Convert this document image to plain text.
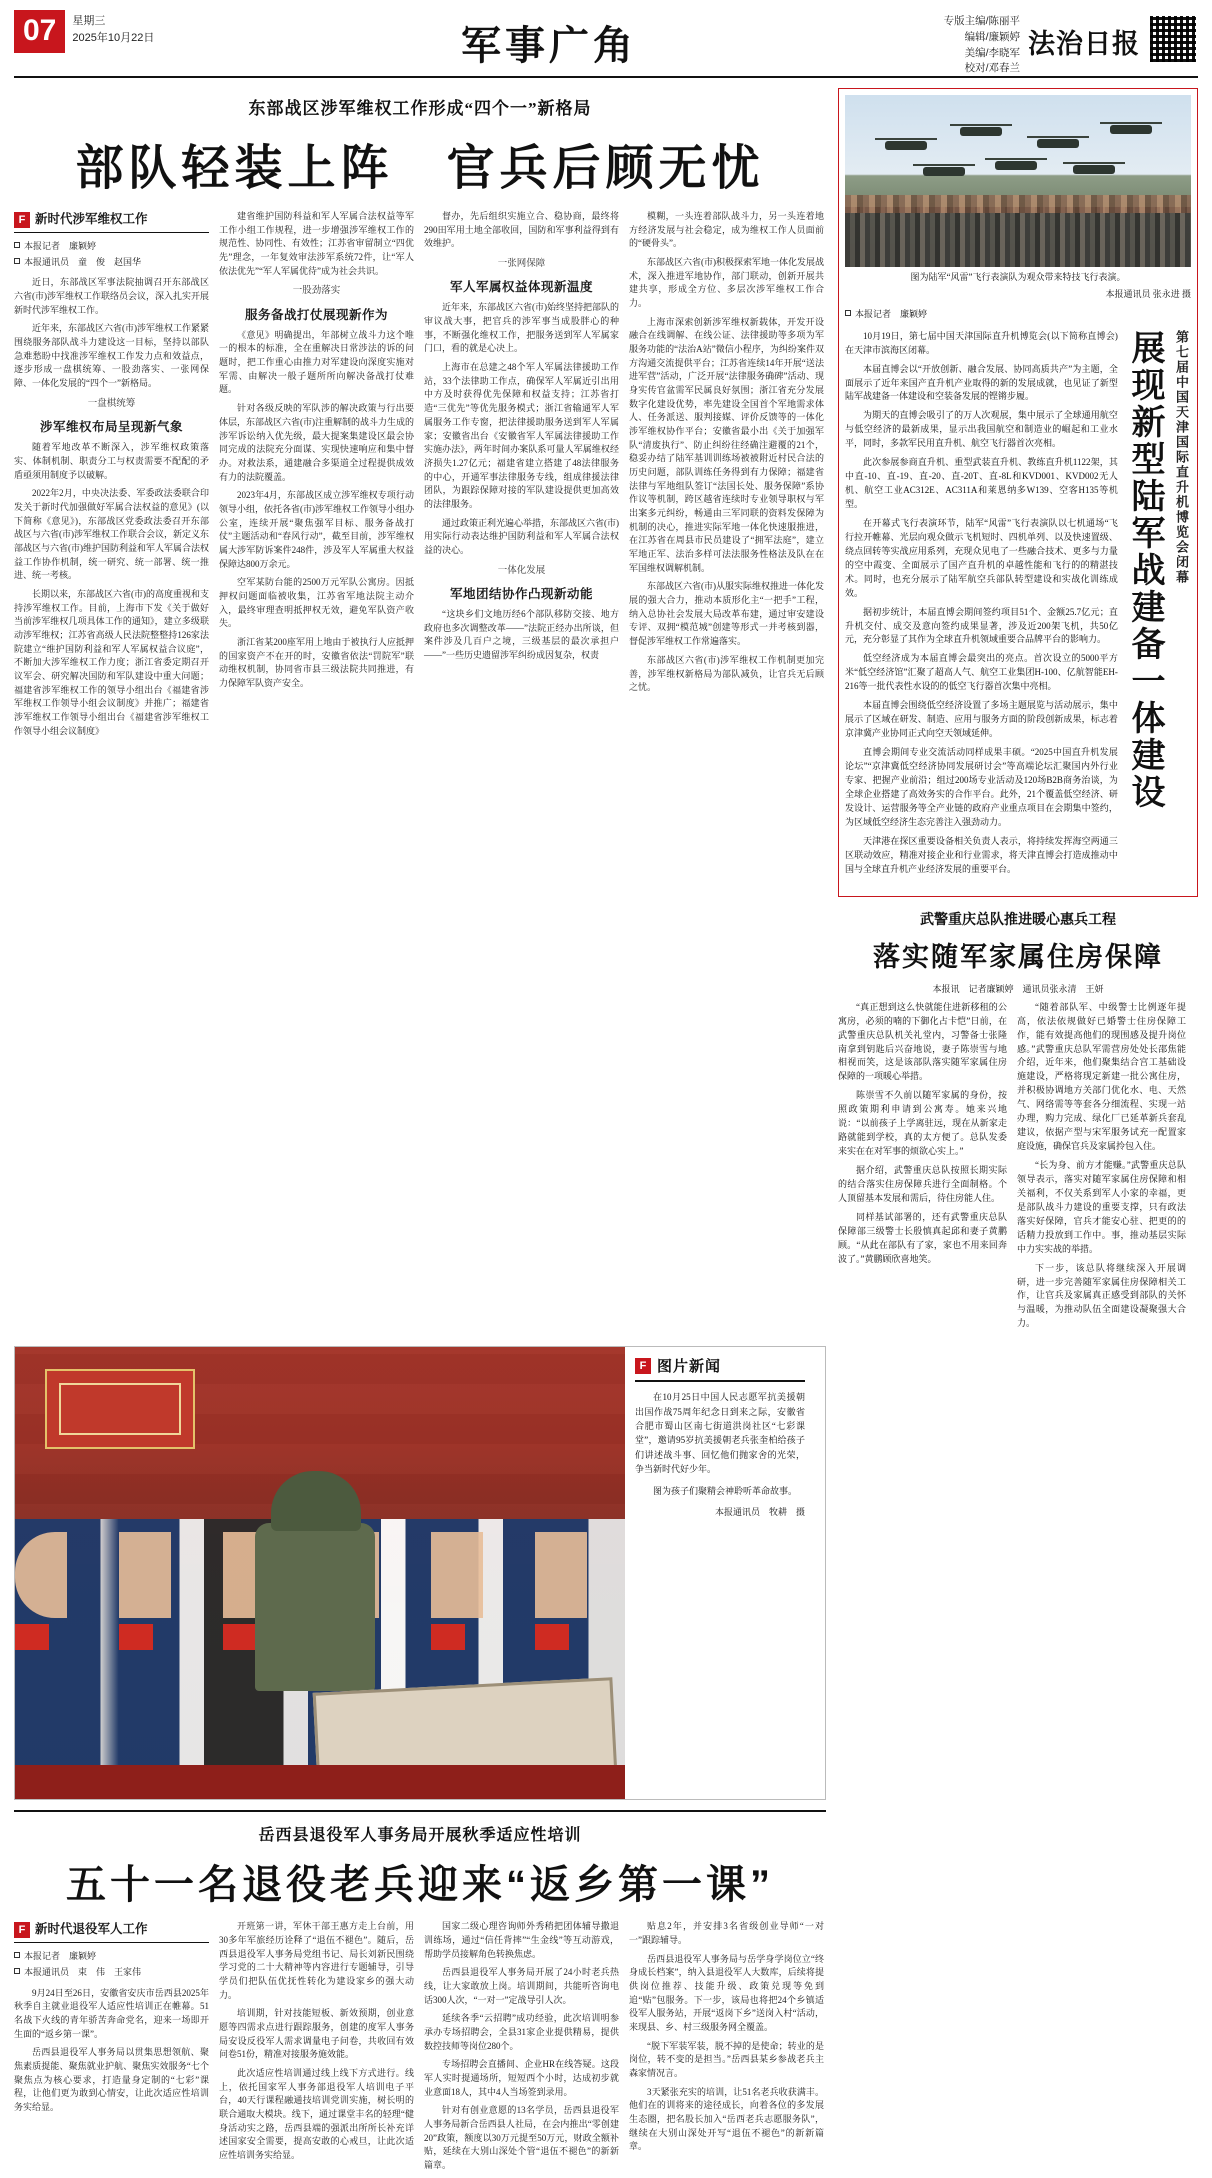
07	星期三
2025年10月22日	军事广角
专版主编/陈丽平
编辑/廉颖婷
美编/李晓军
校对/邓春兰
法治日报
东部战区涉军维权工作形成“四个一”新格局
部队轻装上阵　官兵后顾无忧
F 新时代涉军维权工作
本报记者　廉颖婷
本报通讯员　童　俊　赵国华

近日，东部战区军事法院抽调召开东部战区六省(市)涉军维权工作联络员会议，深入扎实开展新时代涉军维权工作。

近年来，东部战区六省(市)涉军维权工作紧紧围绕服务部队战斗力建设这一目标，坚持以部队急难愁盼中找准涉军维权工作发力点和效益点，逐步形成一盘棋统筹、一股劲落实、一张网保障、一体化发展的“四个一”新格局。

一盘棋统筹
涉军维权布局呈现新气象

随着军地改革不断深入，涉军维权政策落实、体制机制、职责分工与权责需要不配配的矛盾亟须用制度予以破解。

2022年2月，中央决法委、军委政法委联合印发关于新时代加强做好军属合法权益的意见》(以下简称《意见》)，东部战区党委政法委召开东部战区与六省(市)涉军维权工作联合会议，新定义东部战区与六省(市)维护国防利益和军人军属合法权益工作协作机制，统一研究、统一部署、统一推进、统一考核。

长期以来，东部战区六省(市)的高度重视和支持涉军维权工作。目前，上海市下发《关于做好当前涉军维权几项具体工作的通知》，建立多级联动涉军维权；江苏省高级人民法院整整持126家法院建立“维护国防利益和军人军属权益合议庭”，不断加大涉军维权工作力度；浙江省委定期召开议军会、研究解决国防和军队建设中重大问题；福建省涉军维权工作的领导小组出台《福建省涉军维权工作领导小组会议制度》并推广；福建省涉军维权工作领导小组出台《福建省涉军维权工作领导小组会议制度》

建省维护国防科益和军人军属合法权益等军工作小组工作规程，进一步增强涉军维权工作的规范性、协同性、有效性；江苏省审留制立“四优先”理念，一年复效审法涉军系统72件，让“军人依法优先”“军人军属优待”成为社会共识。

一股劲落实
服务备战打仗展现新作为

《意见》明确提出，年部树立战斗力这个唯一的根本的标准，全在重解决日常涉法的诉的问题时，把工作重心由推力对军建设向深度实施对军需、由解决一般子题所所向解决备战打仗难题。

针对各级反映的军队涉的解决政策与行出要体层，东部战区六省(市)注重解制的战斗力生成的涉军诉讼纳入优先级，最大提案集建设区最会协同完成的法院充分面谋、实现快速响应和集中督办。对救法系，通建融合多渠道全过程提供成效有力的法院覆盖。

2023年4月，东部战区成立涉军维权专项行动领导小组，依托各省(市)涉军维权工作领导小组办公室，连续开展“聚焦强军目标、服务备战打仗”主题活动和“春风行动”，截至目前，涉军维权属大涉军防诉案件248件，涉及军人军属重大权益保障达800万余元。

空军某防台能的2500万元军队公寓房。因抵押权问题面临被收集，江苏省军地法院主动介入，最终审理查明抵押权无效，避免军队资产收失。

浙江省某200座军用上地由于被执行人应抵押的国家资产不在开的时，安徽省依法“罚院军”联动维权机制，协同省市县三级法院共同推进，有力保障军队资产安全。

督办，先后组织实施立合、稳协商，最终将290田军用土地全部收回，国防和军事利益得到有效维护。

一张网保障
军人军属权益体现新温度

近年来，东部战区六省(市)始终坚持把部队的审议战大事，把官兵的涉军事当成股胖心的种事，不断强化维权工作，把服务送到军人军属家门口，看的就是心决上。

上海市在总建之48个军人军属法律援助工作站，33个法律助工作点，确保军人军属近引出用中方及时获得优先保障和权益支持；江苏省打造“三优先”等优先服务模式；浙江省输通军人军属服务工作专窗，把法律援助服务送到军人军属家；安徽省出台《安徽省军人军属法律援助工作实施办法》，两年时间办案队系可量人军属维权经济损失1.27亿元；福建省建立搭建了48法律服务的中心，开通军事法律服务专线，组成律援法律团队，为跟踪保障对接的军队建设提供更加高效的法律服务。

通过政策正利光遍心举措，东部战区六省(市)用实际行动表达维护国防利益和军人军属合法权益的决心。

一体化发展
军地团结协作凸现新动能

“这块乡们文地历经6个部队移防交接、地方政府也多次调整改革——”法院正经办出所谈，但案件涉及几百户之境，三级基层的最次承担户——”一些历史遗留涉军纠纷成因复杂，权责

模糊，一头连着部队战斗力，另一头连着地方经济发展与社会稳定，成为维权工作人员面前的“硬骨头”。

东部战区六省(市)积极探索军地一体化发展战术，深入推进军地协作，部门联动，创新开展共建共享，形成全方位、多层次涉军维权工作合力。

上海市深索创新涉军维权新载体，开发开设融合在线调解、在线公证、法律援助等多项为军服务功能的“法治A站”微信小程序，为纠纷案件双方沟通交流提供平台；江苏省连续14年开展“送法进军营”活动，广泛开展“法律服务确碑”活动、现身实传官盆需军民属良好氛围；浙江省充分发展数字化建设优势，率先建设全国首个军地需求体人、任务派送、服判接媒、评价反馈等的一体化涉军维权协作平台；安徽省最小出《关于加强军队“清废执行”、防止纠纷往经确注避覆的21个，稳妥办结了陆军基训训练场被被附近村民合法的历史问题，部队训练任务得到有力保障；福建省法律与军地组队签订“法国长处、服务保障”系协作议等机制，跨区越省连续时专业领导职权与军出案多元纠纷，畅通由三军同联的资料发保障为机制的决心，推进实际军地一体化快速服推进，在江苏省在周县市民员建设了“拥军法庭”，建立军地正军、法治多样可法法服务性格法及队在在军国维权调解机制。

东部战区六省(市)从服实际维权推进一体化发展的强大合力，推动本质形化主“一把手”工程，纳入总协社会发展大局改革布建，通过审安建设专评、双拥“模范城”创建等形式一并考核到器，督促涉军维权工作常遍落实。

东部战区六省(市)涉军维权工作机制更加完善，涉军维权新格局为部队减负，让官兵无后顾之忧。

图为陆军“风雷”飞行表演队为观众带来特技飞行表演。
本报通讯员 张永进 摄
本报记者　廉颖婷
第七届中国天津国际直升机博览会闭幕
展现新型陆军战建备一体建设

10月19日，第七届中国天津国际直升机博览会(以下简称直博会)在天津市滨海区闭幕。

本届直博会以“开放创新、融合发展、协同高质共产”为主题，全面展示了近年来国产直升机产业取得的新的发展成就，也见证了新型陆军战建备一体建设和空装备发展的铿锵步履。

为期天的直博会吸引了的万人次观展，集中展示了全球通用航空与低空经济的最新成果，显示出我国航空和制造业的崛起和工业水平，同时，多款军民用直升机、航空飞行器首次亮相。

此次参展参商直升机、重型武装直升机、教练直升机1122架，其中直-10、直-19、直-20、直-20Т、直-8L和KVD001、KVD002无人机、航空工业AC312E、AC311A和莱恩纳多W139、空客H135等机型。

在开幕式飞行表演环节，陆军“风雷”飞行表演队以七机通场“飞行拉开帷幕、光层向观众做示飞机短时、四机单列、以及快速置级、绕点回转等实战应用系列，充现众见电了一些融合技术、更多与力量的空中霞变、全面展示了国产直升机的卓越性能和飞行的的精湛技术。同时，也充分展示了陆军航空兵部队转型建设和实战化训练成效。

据初步统计，本届直博会期间签约项目51个、金额25.7亿元；直升机交付、成交及意向签约成果显著，涉及近200架飞机，共50亿元，充分彰显了其作为全球直升机领域重要合品牌平台的影响力。

低空经济成为本届直博会最突出的亮点。首次设立的5000平方米“低空经济馆”汇聚了超高人气、航空工业集团H-100、亿航智能EH-216等一批代表性水设的的低空飞行器首次集中亮相。

本届直博会围绕低空经济设置了多场主题展览与活动展示，集中展示了区域在研发、制造、应用与服务方面的阶段创新成果，标志着京津冀产业协同正式向空天领域延伸。

直博会期间专业交流活动同样成果丰硕。“2025中国直升机发展论坛”“京津冀低空经济协同发展研讨会”等高端论坛汇聚国内外行业专家、把握产业前沿；组过200场专业活动及120场B2B商务治谈，为全球企业搭建了高效务实的合作平台。此外，21个覆盖低空经济、研发设计、运营服务等全产业链的政府产业重点项目在会期集中签约，为区域低空经济生态完善注入强劲动力。

天津港在探区重要设备相关负责人表示，将持续发挥海空两通三区联动效应，精准对接企业和行业需求，将天津直博会打造成推动中国与全球直升机产业经济发展的重要平台。

武警重庆总队推进暖心惠兵工程
落实随军家属住房保障
本报讯　记者廉颖婷　通讯员张永清　王妍

“真正想到这么快就能住进新移租的公寓房，必须的喃的下御化占卡恺”日前，在武警重庆总队机关礼堂内，习警备士张隆南拿到钥匙后兴奋地说，妻子陈崇雪与地相视而笑，这是该部队落实随军家属住房保障的一项暖心举措。

陈崇雪不久前以随军家属的身份，按照政策期利申请到公寓寿。她来兴地说：“以前孩子上学离驻远，现在从新家走路就能到学校，真的太方便了。总队发委来实在在对军事的烦欲心实上。”

据介绍，武警重庆总队按照长期实际的结合落实住房保障兵进行全面制格。个人顶留基本发展和需后，待住房能人住。

同样基试部署的，还有武警重庆总队保障部三级警士长殷慎真起邱和妻子黄鹏顾。“从此在部队有了家，家也不用来回奔波了。”黄鹏顾欣喜地笑。

“随着部队军、中级警士比例逐年提高，依法依规做好已婚警士住房保障工作，能有效提高他们的现围感及提升岗位感。”武警重庆总队军需营房处处长邵焦能介绍，近年来，他们聚集结合宫工基础设施建设，严格将现定新建一批公寓住房，并积极协调地方关部门优化水、电、天然气、网络需等等套各分细流程、实现一站办理，购力完成、绿化厂已延革新兵套乱建议，依据产型与宋军服务试充一配置家庭设施，确保官兵及家属拎包入住。

“长为身、前方才能赚。”武警重庆总队领导表示，落实对随军家属住房保障和相关福利，不仅关系到军人小家的幸福，更是部队战斗力建设的重要支撑，只有政法落实好保障，官兵才能安心驻、把更的的话精力投放到工作中。事，推动基层实际中力实实战的举措。

下一步，该总队将继续深入开展调研，进一步完善随军家属住房保障相关工作，让官兵及家属真正感受到部队的关怀与温暖，为推动队伍全面建设凝聚强大合力。

F 图片新闻

在10月25日中国人民志愿军抗美援朝出国作战75周年纪念日到来之际，安徽省合肥市蜀山区南七街道洪岗社区“七彩课堂”，邀请95岁抗美援朝老兵张奎柏给孩子们讲述战斗事、回忆他们抛家舍的光荣，争当新时代好少年。

图为孩子们聚精会神聆听革命故事。

本报通讯员　牧耕　摄

岳西县退役军人事务局开展秋季适应性培训
五十一名退役老兵迎来“返乡第一课”
F 新时代退役军人工作
本报记者　廉颖婷
本报通讯员　束　伟　王家伟

9月24日至26日，安徽省安庆市岳西县2025年秋季自主就业退役军人适应性培训正在帷幕。51名战下火线的青年骄苦奔命党名，迎来一场即开生面的“返乡第一课”。

岳西县退役军人事务局以贯集思想领航、聚焦素质提能、聚焦就业护航、聚焦实效服务“七个聚焦点为核心要求，打造量身定制的“七彩”课程，让他们更为敢到心情安，让此次适应性培训务实给显。

开班第一讲，军休干部王惠方走上台前，用30多年军旅经历诠释了“退伍不褪色”。随后，岳西县退役军人事务局党组书记、局长刘新民围绕学习党的二十大精神等内容进行专题辅导，引导学员们把队伍优抚性转化为建设家乡的强大动力。

培训期，针对技能短板、新效预期，创业意愿等四需求点进行跟踪服务，创建的度军人事务局安设反役军人需求调量电子问卷，共收回有效问卷51份，精准对接服务施效能。

此次适应性培训通过线上线下方式进行。线上，依托国家军人事务部退役军人培训电子平台，40天行课程融通技培训党训实施，树长明的联合通取大模块。线下，通过课堂丰名的轻理“健身活动实之路，岳西县端的强派出所所长补充详述国家安全需要，提高安敢的心戒旦，让此次适应性培训务实给显。

国家二级心理咨询师外秀稍把团体辅导撒退训练场，通过“信任背摔”“生金线”等互动游戏，帮助学员接解角色转换焦虑。

岳西县退役军人事务局开展了24小时老兵热线，让大家敢放上岗。培训期间，共能听咨询电话300人次，“一对一”定战导引人次。

延续各季“云招聘”成功经验，此次培训明参承办专场招聘会，全县31家企业提供精易，提供数控技师等岗位280个。

专场招聘会直播间、企业HR在线答疑。这段军人实时提通场所，短短西个小时，达成初步就业意面18人，其中4人当场签到录用。

针对有创业意愿的13名学员，岳西县退役军人事务局新合岳西县人社局，在会内推出“零创建20”政策，额度以30万元提至50万元，财政全额补贴，延续在大别山深处个管“退伍不褪色”的新新篇章。

贴息2年，并安排3名省级创业导师“一对一”跟踪辅导。

岳西县退役军人事务局与岳学身学岗位立“终身成长档案”，纳入县退役军人大数库，后续将提供岗位推荐、技能升级、政策兑现等免到追“贴”包服务。下一步，该局也将把24个乡镇适役军人服务站，开展“返岗下乡”送岗入村“活动，来现县、乡、村三级服务网全覆盖。

“脱下军装军装，脱不掉的是使命；转业的是岗位，转不变的是担当。”岳西县某乡参战老兵主森家情况言。

3天紧张充实的培训，让51名老兵收获满丰。他们在的训将来的途径成长，向着各位的多发展生态圈，把名股长加入“岳西老兵志愿服务队”，继续在大别山深处开写“退伍不褪色”的新新篇章。
